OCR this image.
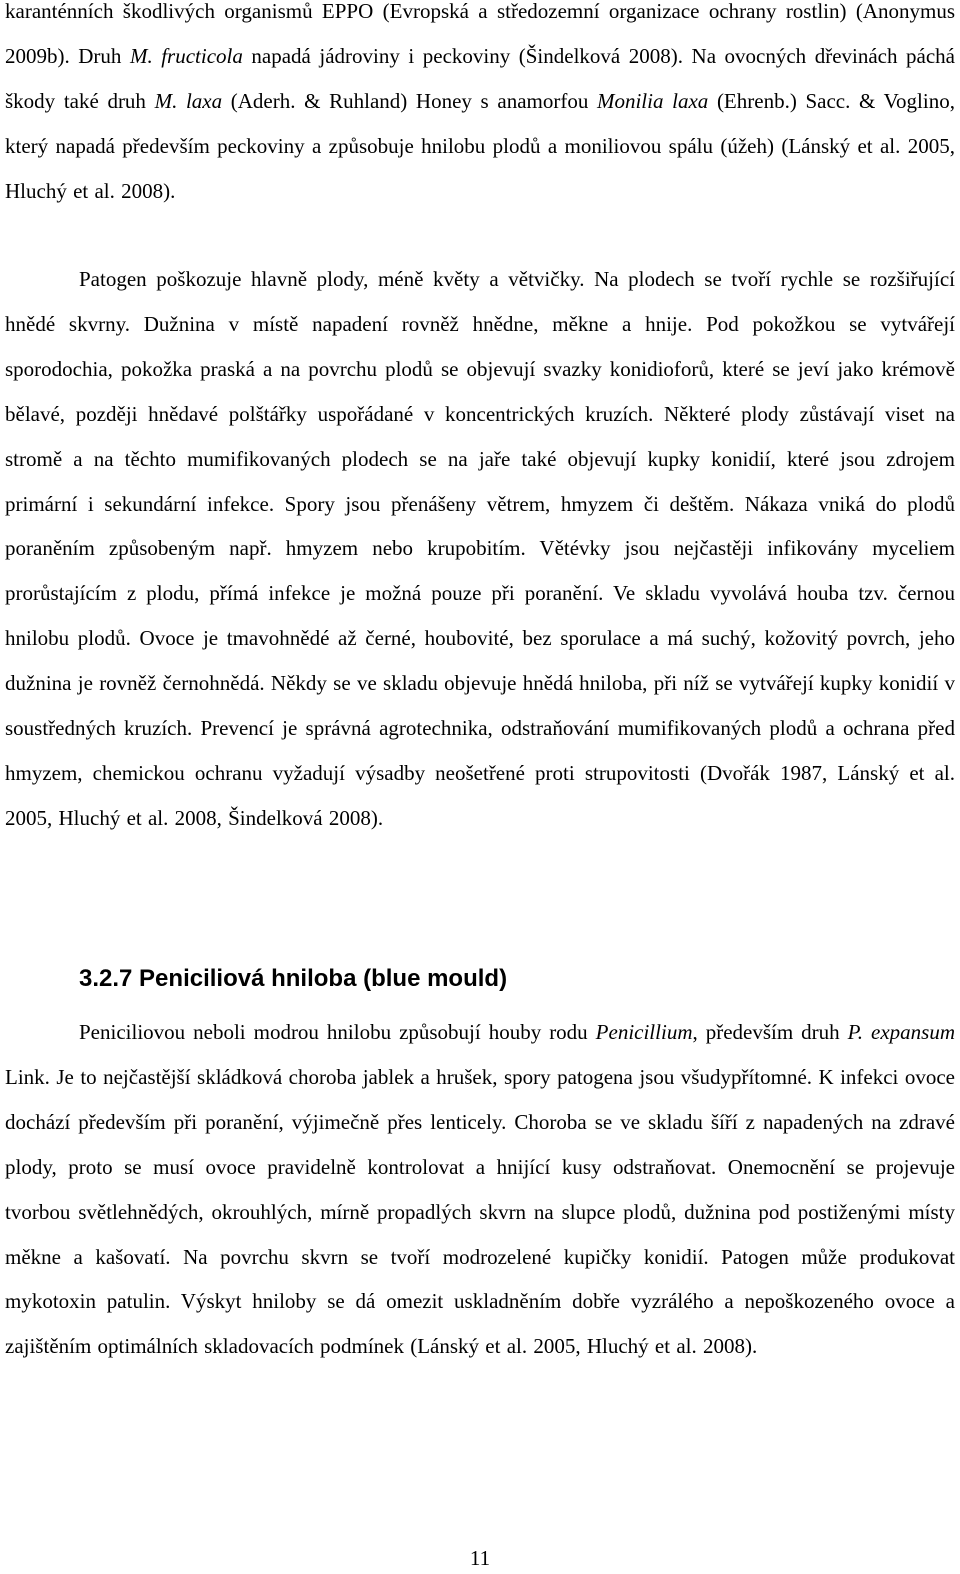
karanténních škodlivých organismů EPPO (Evropská a středozemní organizace ochrany rostlin) (Anonymus 2009b). Druh M. fructicola napadá jádroviny i peckoviny (Šindelková 2008). Na ovocných dřevinách páchá škody také druh M. laxa (Aderh. & Ruhland) Honey s anamorfou Monilia laxa (Ehrenb.) Sacc. & Voglino, který napadá především peckoviny a způsobuje hnilobu plodů a moniliovou spálu (úžeh) (Lánský et al. 2005, Hluchý et al. 2008).

Patogen poškozuje hlavně plody, méně květy a větvičky. Na plodech se tvoří rychle se rozšiřující hnědé skvrny. Dužnina v místě napadení rovněž hnědne, měkne a hnije. Pod pokožkou se vytvářejí sporodochia, pokožka praská a na povrchu plodů se objevují svazky konidioforů, které se jeví jako krémově bělavé, později hnědavé polštářky uspořádané v koncentrických kruzích. Některé plody zůstávají viset na stromě a na těchto mumifikovaných plodech se na jaře také objevují kupky konidií, které jsou zdrojem primární i sekundární infekce. Spory jsou přenášeny větrem, hmyzem či deštěm. Nákaza vniká do plodů poraněním způsobeným např. hmyzem nebo krupobitím. Větévky jsou nejčastěji infikovány myceliem prorůstajícím z plodu, přímá infekce je možná pouze při poranění. Ve skladu vyvolává houba tzv. černou hnilobu plodů. Ovoce je tmavohnědé až černé, houbovité, bez sporulace a má suchý, kožovitý povrch, jeho dužnina je rovněž černohnědá. Někdy se ve skladu objevuje hnědá hniloba, při níž se vytvářejí kupky konidií v soustředných kruzích. Prevencí je správná agrotechnika, odstraňování mumifikovaných plodů a ochrana před hmyzem, chemickou ochranu vyžadují výsadby neošetřené proti strupovitosti (Dvořák 1987, Lánský et al. 2005, Hluchý et al. 2008, Šindelková 2008).

3.2.7 Peniciliová hniloba (blue mould)

Peniciliovou neboli modrou hnilobu způsobují houby rodu Penicillium, především druh P. expansum Link. Je to nejčastější skládková choroba jablek a hrušek, spory patogena jsou všudypřítomné. K infekci ovoce dochází především při poranění, výjimečně přes lenticely. Choroba se ve skladu šíří z napadených na zdravé plody, proto se musí ovoce pravidelně kontrolovat a hnijící kusy odstraňovat. Onemocnění se projevuje tvorbou světlehnědých, okrouhlých, mírně propadlých skvrn na slupce plodů, dužnina pod postiženými místy měkne a kašovatí. Na povrchu skvrn se tvoří modrozelené kupičky konidií. Patogen může produkovat mykotoxin patulin. Výskyt hniloby se dá omezit uskladněním dobře vyzrálého a nepoškozeného ovoce a zajištěním optimálních skladovacích podmínek (Lánský et al. 2005, Hluchý et al. 2008).

11
